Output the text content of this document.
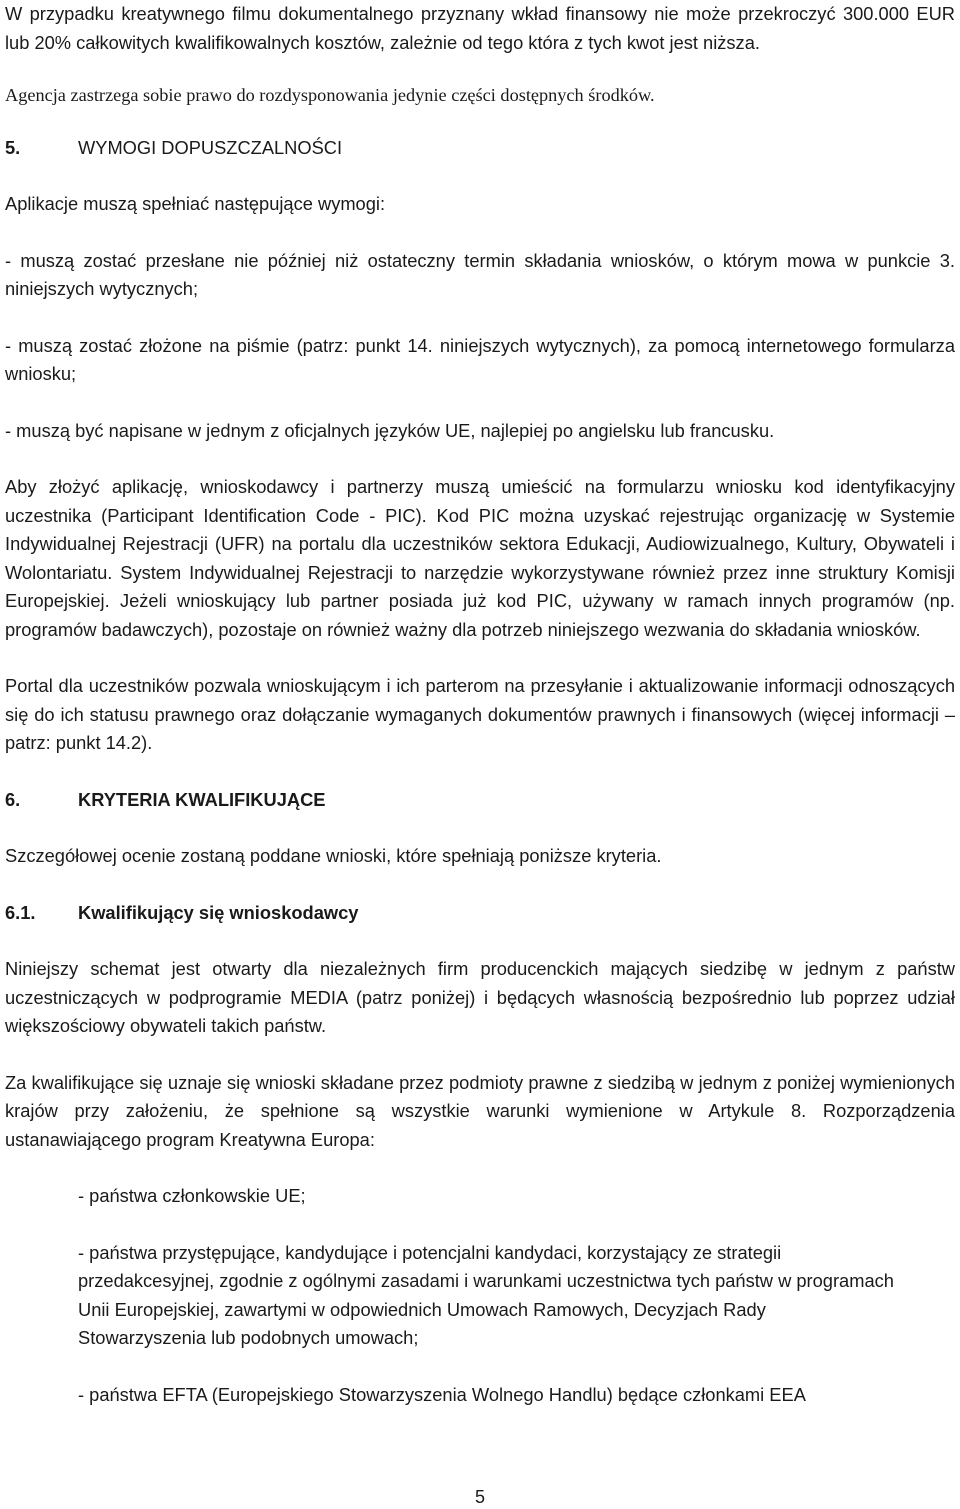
W przypadku kreatywnego filmu dokumentalnego przyznany wkład finansowy nie może przekroczyć 300.000 EUR lub 20% całkowitych kwalifikowalnych kosztów, zależnie od tego która z tych kwot jest niższa.

Agencja zastrzega sobie prawo do rozdysponowania jedynie części dostępnych środków.

5.	WYMOGI DOPUSZCZALNOŚCI

Aplikacje muszą spełniać następujące wymogi:

- muszą zostać przesłane nie później niż ostateczny termin składania wniosków, o którym mowa w punkcie 3. niniejszych wytycznych;

- muszą zostać złożone na piśmie (patrz: punkt 14. niniejszych wytycznych), za pomocą internetowego formularza wniosku;

- muszą być napisane w jednym z oficjalnych języków UE, najlepiej po angielsku lub francusku.

Aby złożyć aplikację, wnioskodawcy i partnerzy muszą umieścić na formularzu wniosku kod identyfikacyjny uczestnika (Participant Identification Code - PIC). Kod PIC można uzyskać rejestrując organizację w Systemie Indywidualnej Rejestracji (UFR) na portalu dla uczestników sektora Edukacji, Audiowizualnego, Kultury, Obywateli i Wolontariatu. System Indywidualnej Rejestracji to narzędzie wykorzystywane również przez inne struktury Komisji Europejskiej. Jeżeli wnioskujący lub partner posiada już kod PIC, używany w ramach innych programów (np. programów badawczych), pozostaje on również ważny dla potrzeb niniejszego wezwania do składania wniosków.

Portal dla uczestników pozwala wnioskującym i ich parterom na przesyłanie i aktualizowanie informacji odnoszących się do ich statusu prawnego oraz dołączanie wymaganych dokumentów prawnych i finansowych (więcej informacji – patrz: punkt 14.2).

6.	KRYTERIA KWALIFIKUJĄCE

Szczegółowej ocenie zostaną poddane wnioski, które spełniają poniższe kryteria.

6.1. Kwalifikujący się wnioskodawcy

Niniejszy schemat jest otwarty dla niezależnych firm producenckich mających siedzibę w jednym z państw uczestniczących w podprogramie MEDIA (patrz poniżej) i będących własnością bezpośrednio lub poprzez udział większościowy obywateli takich państw.

Za kwalifikujące się uznaje się wnioski składane przez podmioty prawne z siedzibą w jednym z poniżej wymienionych krajów przy założeniu, że spełnione są wszystkie warunki wymienione w Artykule 8. Rozporządzenia ustanawiającego program Kreatywna Europa:

- państwa członkowskie UE;

- państwa przystępujące, kandydujące i potencjalni kandydaci, korzystający ze strategii przedakcesyjnej, zgodnie z ogólnymi zasadami i warunkami uczestnictwa tych państw w programach Unii Europejskiej, zawartymi w odpowiednich Umowach Ramowych, Decyzjach Rady Stowarzyszenia lub podobnych umowach;

- państwa EFTA (Europejskiego Stowarzyszenia Wolnego Handlu) będące członkami EEA

5
